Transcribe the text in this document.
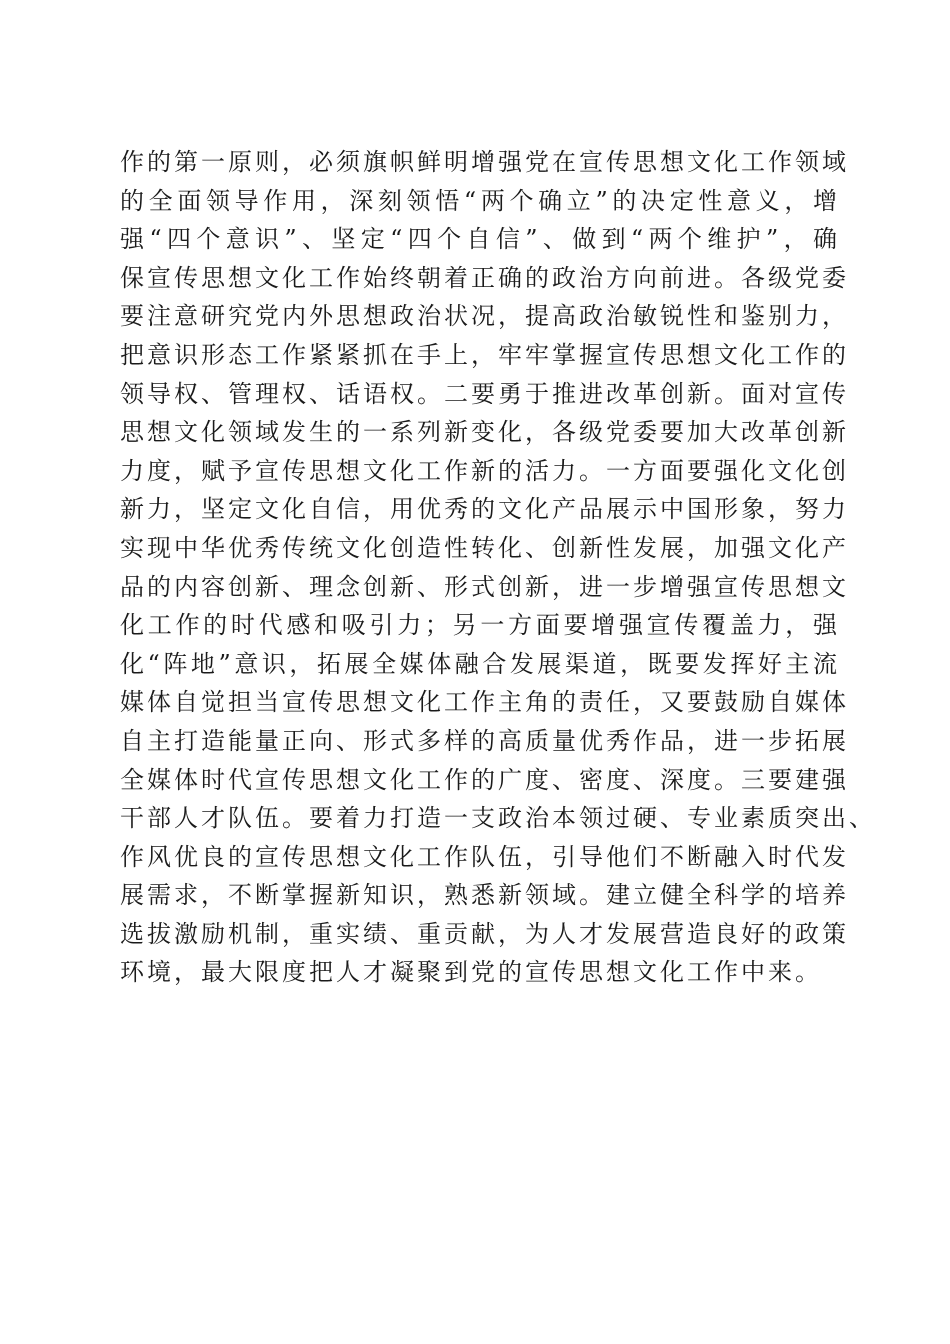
作的第一原则，必须旗帜鲜明增强党在宣传思想文化工作领域
的全面领导作用，深刻领悟“两个确立”的决定性意义，增
强“四个意识”、坚定“四个自信”、做到“两个维护”，确
保宣传思想文化工作始终朝着正确的政治方向前进。各级党委
要注意研究党内外思想政治状况，提高政治敏锐性和鉴别力，
把意识形态工作紧紧抓在手上，牢牢掌握宣传思想文化工作的
领导权、管理权、话语权。二要勇于推进改革创新。面对宣传
思想文化领域发生的一系列新变化，各级党委要加大改革创新
力度，赋予宣传思想文化工作新的活力。一方面要强化文化创
新力，坚定文化自信，用优秀的文化产品展示中国形象，努力
实现中华优秀传统文化创造性转化、创新性发展，加强文化产
品的内容创新、理念创新、形式创新，进一步增强宣传思想文
化工作的时代感和吸引力；另一方面要增强宣传覆盖力，强
化“阵地”意识，拓展全媒体融合发展渠道，既要发挥好主流
媒体自觉担当宣传思想文化工作主角的责任，又要鼓励自媒体
自主打造能量正向、形式多样的高质量优秀作品，进一步拓展
全媒体时代宣传思想文化工作的广度、密度、深度。三要建强
干部人才队伍。要着力打造一支政治本领过硬、专业素质突出、
作风优良的宣传思想文化工作队伍，引导他们不断融入时代发
展需求，不断掌握新知识，熟悉新领域。建立健全科学的培养
选拔激励机制，重实绩、重贡献，为人才发展营造良好的政策
环境，最大限度把人才凝聚到党的宣传思想文化工作中来。
